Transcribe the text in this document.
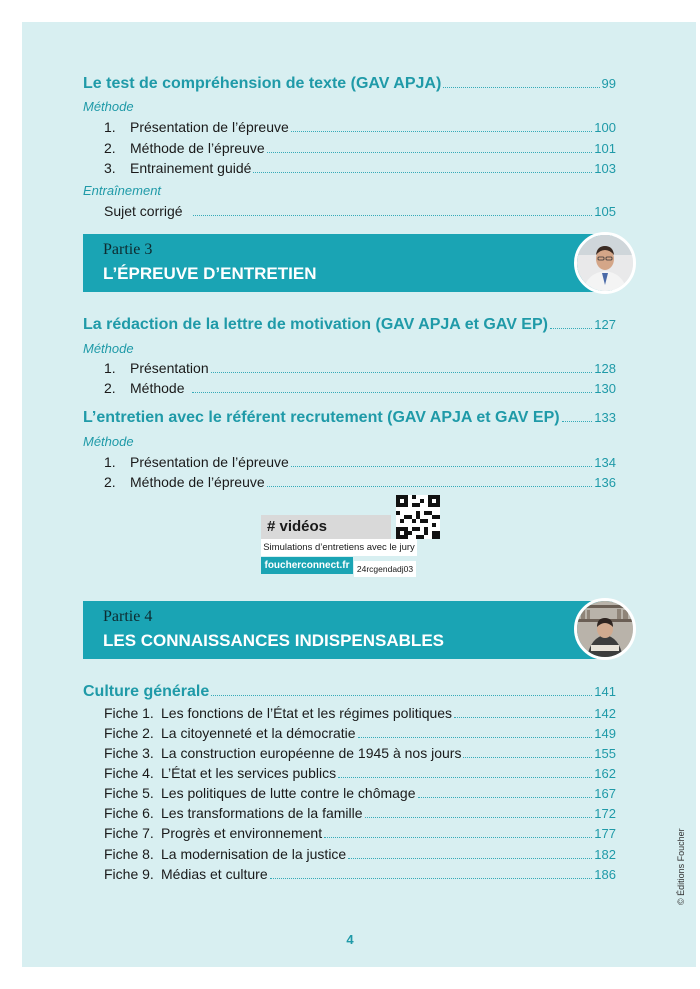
Le test de compréhension de texte (GAV APJA)	99
Méthode
1.	Présentation de l’épreuve	100
2.	Méthode de l’épreuve	101
3.	Entrainement guidé	103
Entraînement
Sujet corrigé	105
Partie 3
L’ÉPREUVE D’ENTRETIEN
La rédaction de la lettre de motivation (GAV APJA et GAV EP)	127
Méthode
1.	Présentation	128
2.	Méthode	130
L’entretien avec le référent recrutement (GAV APJA et GAV EP)	133
Méthode
1.	Présentation de l’épreuve	134
2.	Méthode de l’épreuve	136
# vidéos
Simulations d’entretiens avec le jury
foucherconnect.fr 24rcgendadj03
Partie 4
LES CONNAISSANCES INDISPENSABLES
Culture générale	141
Fiche 1. Les fonctions de l’État et les régimes politiques	142
Fiche 2. La citoyenneté et la démocratie	149
Fiche 3. La construction européenne de 1945 à nos jours	155
Fiche 4. L’État et les services publics	162
Fiche 5. Les politiques de lutte contre le chômage	167
Fiche 6. Les transformations de la famille	172
Fiche 7. Progrès et environnement	177
Fiche 8. La modernisation de la justice	182
Fiche 9. Médias et culture	186	© Éditions Foucher
4
